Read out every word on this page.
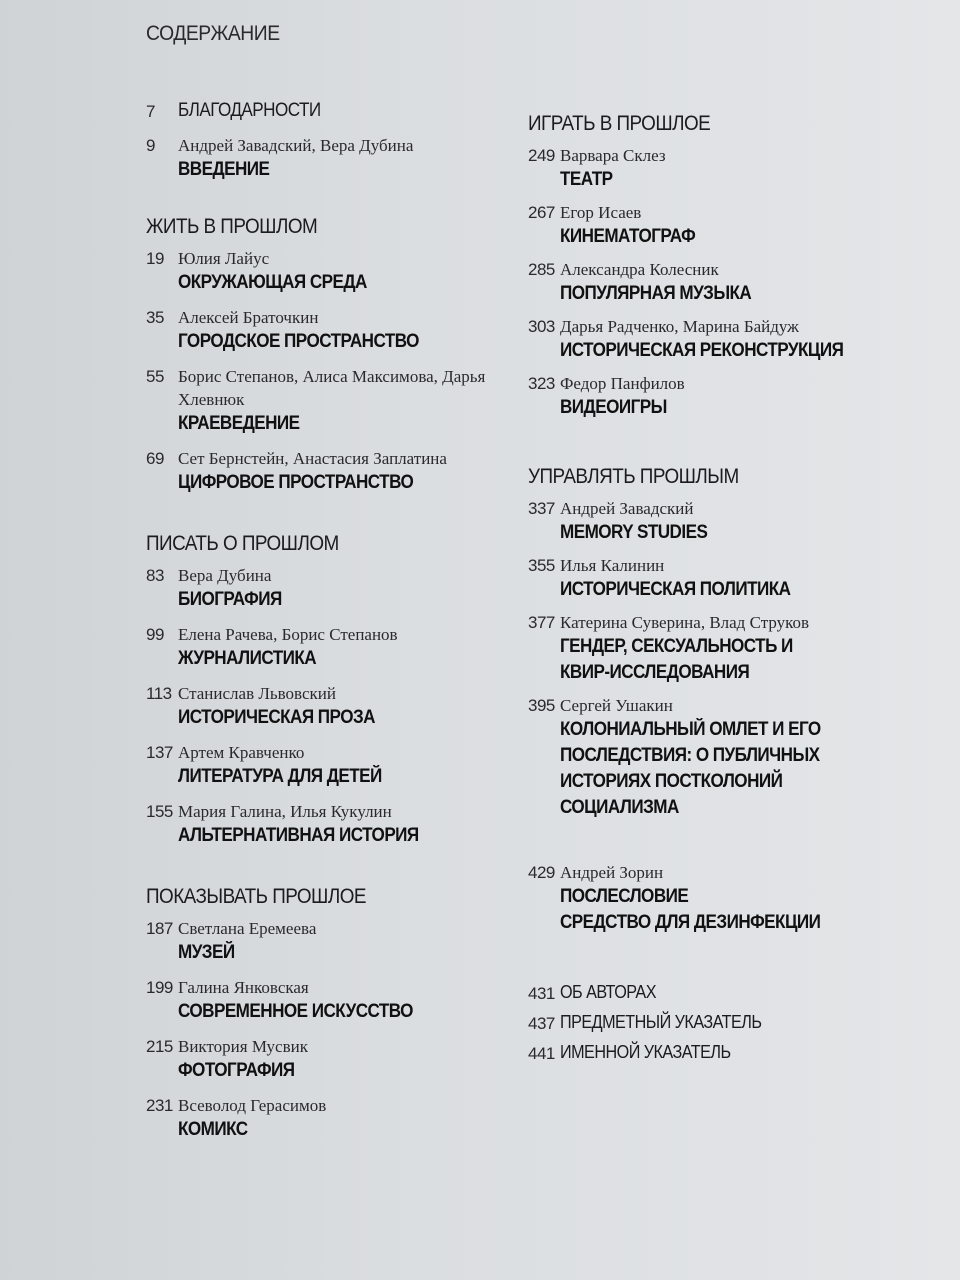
СОДЕРЖАНИЕ
7	БЛАГОДАРНОСТИ
9	Андрей Завадский, Вера Дубина
ВВЕДЕНИЕ
ЖИТЬ В ПРОШЛОМ
19 Юлия Лайус
ОКРУЖАЮЩАЯ СРЕДА
35 Алексей Браточкин
ГОРОДСКОЕ ПРОСТРАНСТВО
55 Борис Степанов, Алиса Максимова, Дарья Хлевнюк
КРАЕВЕДЕНИЕ
69 Сет Бернстейн, Анастасия Заплатина
ЦИФРОВОЕ ПРОСТРАНСТВО
ПИСАТЬ О ПРОШЛОМ
83 Вера Дубина
БИОГРАФИЯ
99 Елена Рачева, Борис Степанов
ЖУРНАЛИСТИКА
113 Станислав Львовский
ИСТОРИЧЕСКАЯ ПРОЗА
137 Артем Кравченко
ЛИТЕРАТУРА ДЛЯ ДЕТЕЙ
155 Мария Галина, Илья Кукулин
АЛЬТЕРНАТИВНАЯ ИСТОРИЯ
ПОКАЗЫВАТЬ ПРОШЛОЕ
187 Светлана Еремеева
МУЗЕЙ
199 Галина Янковская
СОВРЕМЕННОЕ ИСКУССТВО
215 Виктория Мусвик
ФОТОГРАФИЯ
231 Всеволод Герасимов
КОМИКС
ИГРАТЬ В ПРОШЛОЕ
249 Варвара Склез
ТЕАТР
267 Егор Исаев
КИНЕМАТОГРАФ
285 Александра Колесник
ПОПУЛЯРНАЯ МУЗЫКА
303 Дарья Радченко, Марина Байдуж
ИСТОРИЧЕСКАЯ РЕКОНСТРУКЦИЯ
323 Федор Панфилов
ВИДЕОИГРЫ
УПРАВЛЯТЬ ПРОШЛЫМ
337 Андрей Завадский
MEMORY STUDIES
355 Илья Калинин
ИСТОРИЧЕСКАЯ ПОЛИТИКА
377 Катерина Суверина, Влад Струков
ГЕНДЕР, СЕКСУАЛЬНОСТЬ И КВИР-ИССЛЕДОВАНИЯ
395 Сергей Ушакин
КОЛОНИАЛЬНЫЙ ОМЛЕТ И ЕГО ПОСЛЕДСТВИЯ: О ПУБЛИЧНЫХ ИСТОРИЯХ ПОСТКОЛОНИЙ СОЦИАЛИЗМА
429 Андрей Зорин
ПОСЛЕСЛОВИЕ
СРЕДСТВО ДЛЯ ДЕЗИНФЕКЦИИ
431 ОБ АВТОРАХ
437 ПРЕДМЕТНЫЙ УКАЗАТЕЛЬ
441 ИМЕННОЙ УКАЗАТЕЛЬ
